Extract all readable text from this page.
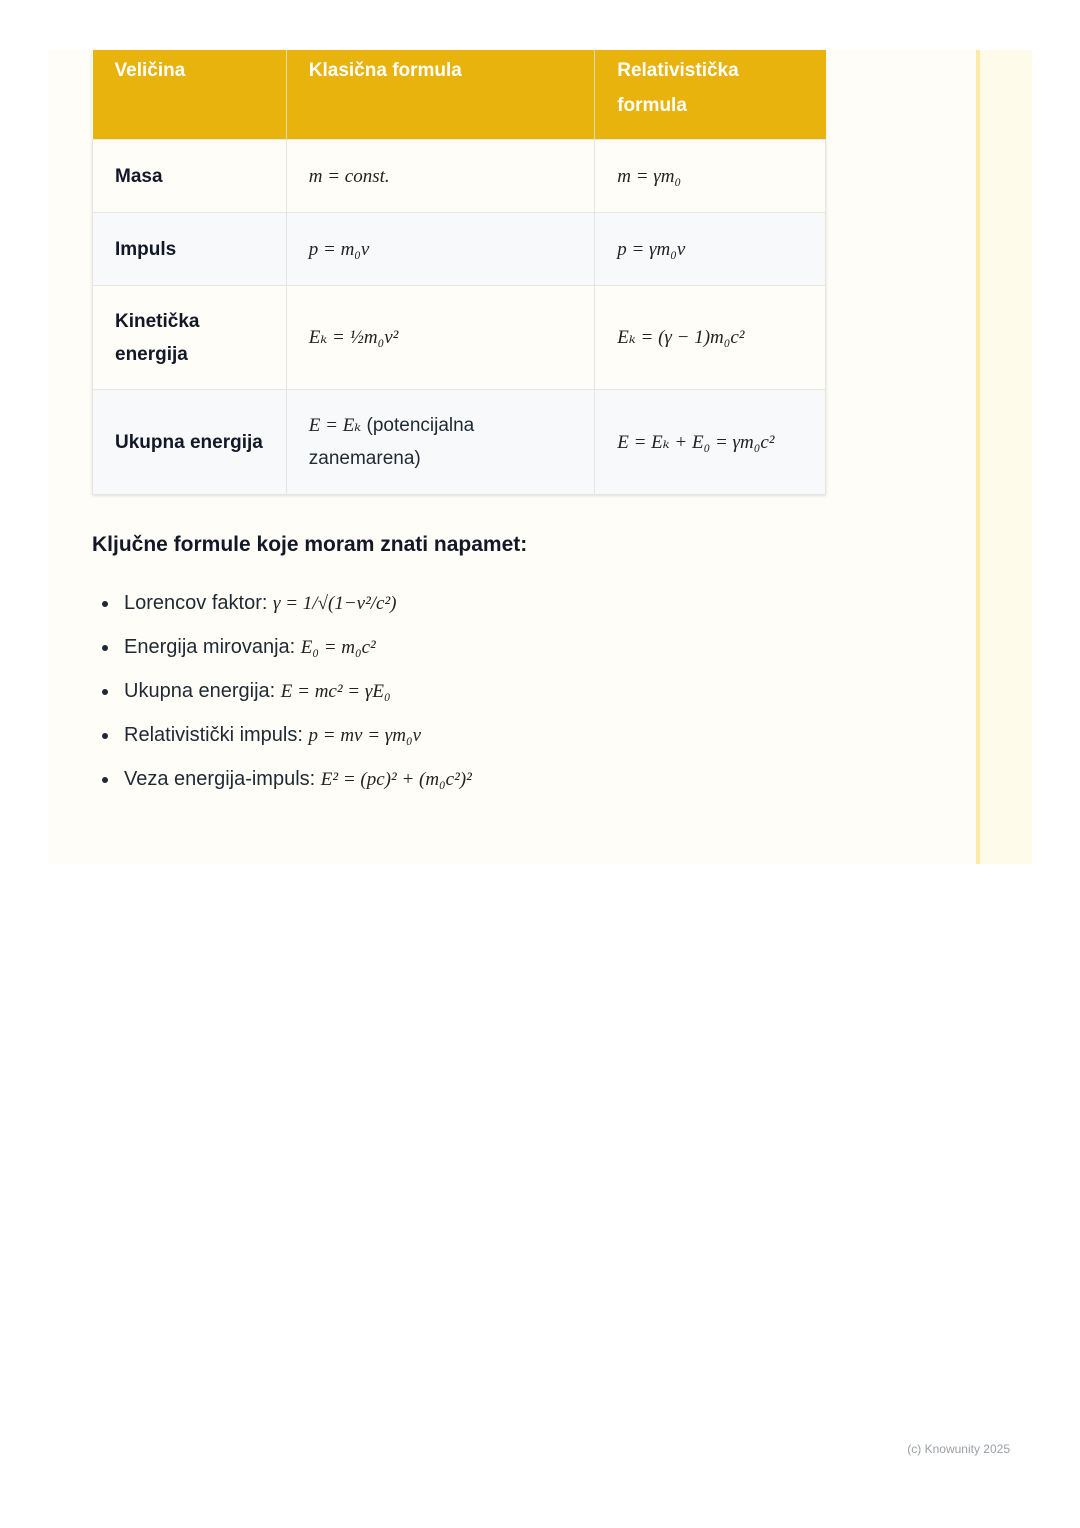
Veličina	Klasična formula	Relativistička formula
Masa	m = const.	m = γm₀
Impuls	p = m₀v	p = γm₀v
Kinetička energija	Eₖ = ½m₀v²	Eₖ = (γ − 1)m₀c²
Ukupna energija	E = Eₖ (potencijalna zanemarena)	E = Eₖ + E₀ = γm₀c²
Ključne formule koje moram znati napamet:
Lorencov faktor: γ = 1/√(1−v²/c²)
Energija mirovanja: E₀ = m₀c²
Ukupna energija: E = mc² = γE₀
Relativistički impuls: p = mv = γm₀v
Veza energija-impuls: E² = (pc)² + (m₀c²)²
(c) Knowunity 2025
